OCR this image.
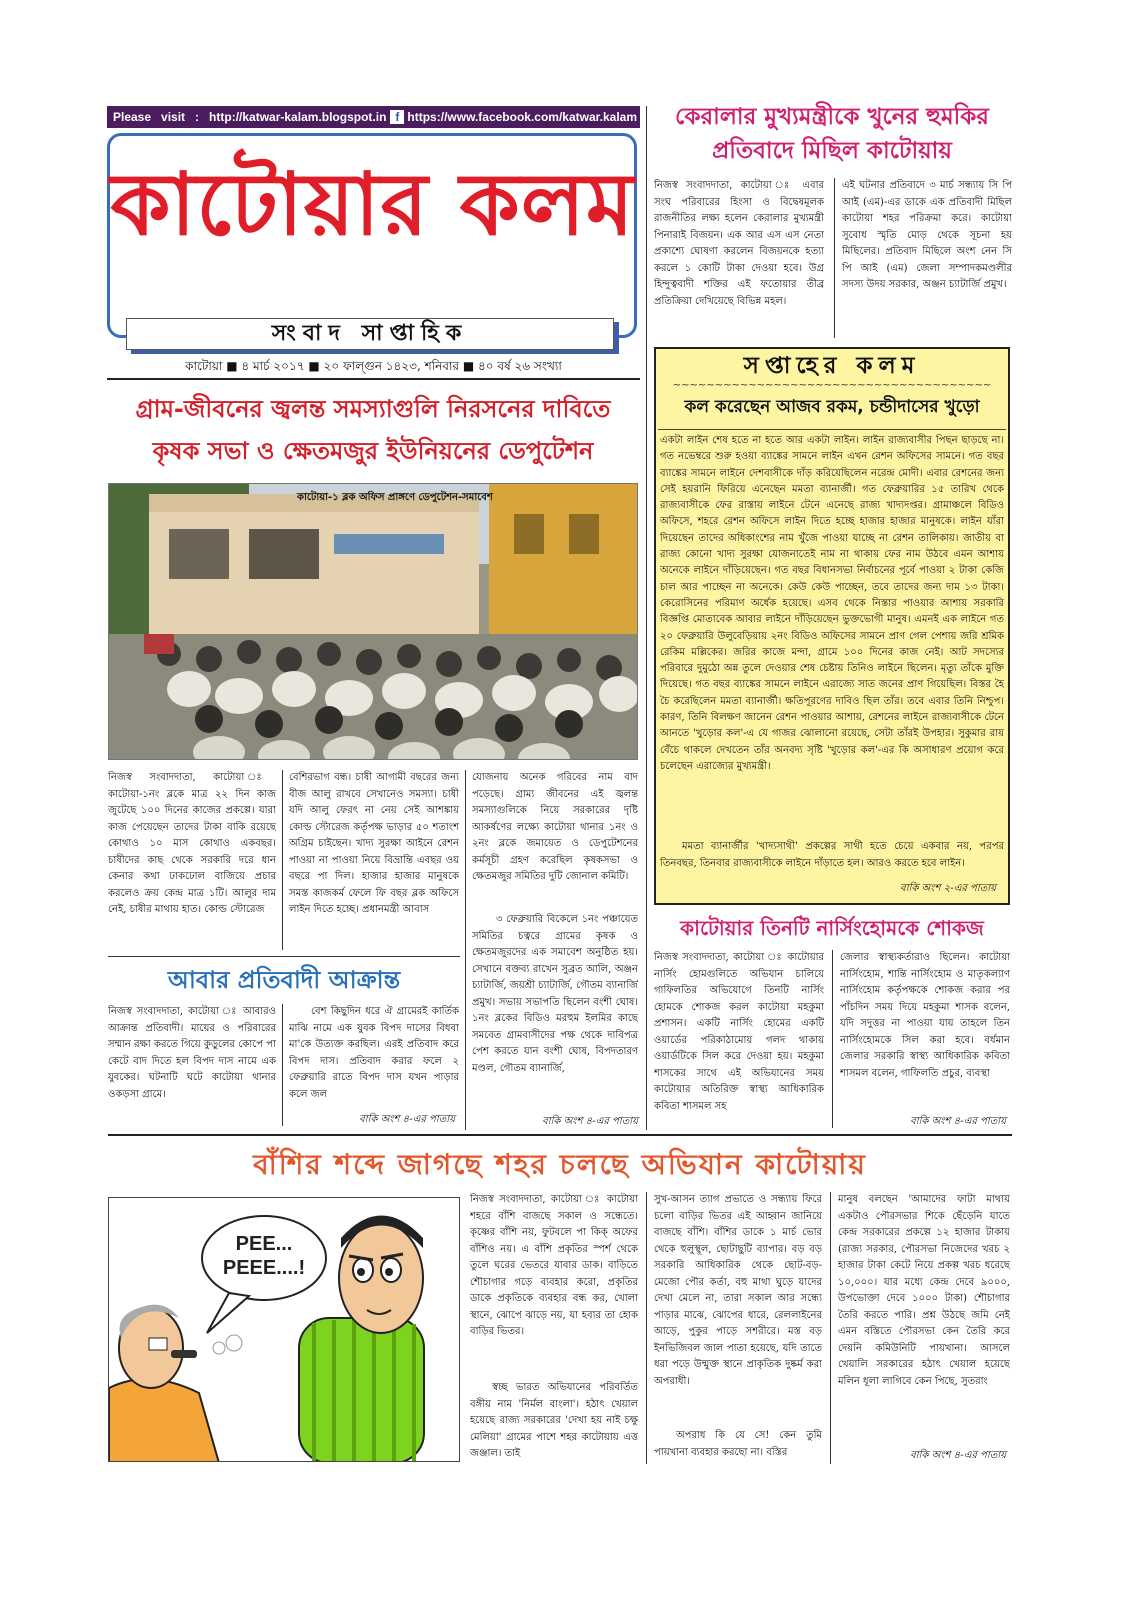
Please   visit   :   http://katwar-kalam.blogspot.in f https://www.facebook.com/katwar.kalam
কাটোয়ার কলম
সংবাদ সাপ্তাহিক
কাটোয়া ■ ৪ মার্চ ২০১৭ ■ ২০ ফাল্গুন ১৪২৩, শনিবার ■ ৪০ বর্ষ ২৬ সংখ্যা
কেরালার মুখ্যমন্ত্রীকে খুনের হুমকির
প্রতিবাদে মিছিল কাটোয়ায়
নিজস্ব সংবাদদাতা, কাটোয়া ঃ এবার সংঘ পরিবারের হিংসা ও বিদ্বেষমূলক রাজনীতির লক্ষ্য হলেন কেরালার মুখ্যমন্ত্রী পিনারাই বিজয়ন। এক আর এস এস নেতা প্রকাশ্যে ঘোষণা করলেন বিজয়নকে হত্যা করলে ১ কোটি টাকা দেওয়া হবে। উগ্র হিন্দুত্ববাদী শক্তির এই ফতোয়ার তীব্র প্রতিক্রিয়া দেখিয়েছে বিভিন্ন মহল।
এই ঘটনার প্রতিবাদে ৩ মার্চ সন্ধ্যায় সি পি আই (এম)-এর ডাকে এক প্রতিবাদী মিছিল কাটোয়া শহর পরিক্রমা করে। কাটোয়া সুবোধ স্মৃতি মোড় থেকে সূচনা হয় মিছিলের। প্রতিবাদ মিছিলে অংশ নেন সি পি আই (এম) জেলা সম্পাদকমণ্ডলীর সদস্য উদয় সরকার, অঞ্জন চ্যাটার্জি প্রমুখ।
সপ্তাহের কলম
~~~~~~~~~~~~~~~~~~~~~~~~~~~~~~~~~~~~~~
কল করেছেন আজব রকম, চন্ডীদাসের খুড়ো
একটা লাইন শেষ হতে না হতে আর একটা লাইন। লাইন রাজ্যবাসীর পিছন ছাড়ছে না। গত নভেম্বরে শুরু হওয়া ব্যাঙ্কের সামনে লাইন এখন রেশন অফিসের সামনে। গত বছর ব্যাঙ্কের সামনে লাইনে দেশবাসীকে দাঁড় করিয়েছিলেন নরেন্দ্র মোদী। এবার রেশনের জন্য সেই হয়রানি ফিরিয়ে এনেছেন মমতা ব্যানার্জী। গত ফেব্রুয়ারির ১৫ তারিখ থেকে রাজ্যবাসীকে ফের রাস্তায় লাইনে টেনে এনেছে রাজ্য খাদ্যদপ্তর। গ্রামাঞ্চলে বিডিও অফিসে, শহরে রেশন অফিসে লাইন দিতে হচ্ছে হাজার হাজার মানুষকে। লাইন যাঁরা দিয়েছেন তাদের অধিকাংশের নাম খুঁজে পাওয়া যাচ্ছে না রেশন তালিকায়। জাতীয় বা রাজ্য কোনো খাদ্য সুরক্ষা যোজনাতেই নাম না থাকায় ফের নাম উঠবে এমন আশায় অনেকে লাইনে দাঁড়িয়েছেন। গত বছর বিধানসভা নির্বাচনের পূর্বে পাওয়া ২ টাকা কেজি চাল আর পাচ্ছেন না অনেকে। কেউ কেউ পাচ্ছেন, তবে তাদের জন্য দাম ১৩ টাকা। কেরোসিনের পরিমাণ অর্ধেক হয়েছে। এসব থেকে নিস্তার পাওয়ার আশায় সরকারি বিজ্ঞপ্তি মোতাবেক আবার লাইনে দাঁড়িয়েছেন ভুক্তভোগী মানুষ। এমনই এক লাইনে গত ২০ ফেব্রুয়ারি উলুবেড়িয়ায় ২নং বিডিও অফিসের সামনে প্রাণ গেল পেশায় জরি শ্রমিক রেকিম মল্লিকের। জরির কাজে মন্দা, গ্রামে ১০০ দিনের কাজ নেই। আট সদস্যের পরিবারে দুমুঠো অন্ন তুলে দেওয়ার শেষ চেষ্টায় তিনিও লাইনে ছিলেন। মৃত্যু তাঁকে মুক্তি দিয়েছে। গত বছর ব্যাঙ্কের সামনে লাইনে এরাজ্যে সাত জনের প্রাণ গিয়েছিল। বিস্তর হৈ চৈ করেছিলেন মমতা ব্যানার্জী। ক্ষতিপূরণের দাবিও ছিল তাঁর। তবে এবার তিনি নিশ্চুপ। কারণ, তিনি বিলক্ষণ জানেন রেশন পাওয়ার আশায়, রেশনের লাইনে রাজ্যবাসীকে টেনে আনতে 'খুড়োর কল'-এ যে গাজর ঝোলানো রয়েছে, সেটা তাঁরই উপহার। সুকুমার রায় বেঁচে থাকলে দেখতেন তাঁর অনবদ্য সৃষ্টি 'খুড়োর কল'-এর কি অসাধারণ প্রয়োগ করে চলেছেন এরাজ্যের মুখ্যমন্ত্রী।
মমতা ব্যানার্জীর 'খাদ্যসাথী' প্রকল্পের সাথী হতে চেয়ে একবার নয়, পরপর তিনবছর, তিনবার রাজ্যবাসীকে লাইনে দাঁড়াতে হল। আরও করতে হবে লাইন।
বাকি অংশ ২-এর পাতায়
গ্রাম-জীবনের জ্বলন্ত সমস্যাগুলি নিরসনের দাবিতে
কৃষক সভা ও ক্ষেতমজুর ইউনিয়নের ডেপুটেশন
কাটোয়া-১ ব্লক অফিস প্রাঙ্গণে ডেপুটেশন-সমাবেশ
নিজস্ব সংবাদদাতা, কাটোয়া ঃ কাটোয়া-১নং ব্লকে মাত্র ২২ দিন কাজ জুটেছে ১০০ দিনের কাজের প্রকল্পে। যারা কাজ পেয়েছেন তাদের টাকা বাকি রয়েছে কোথাও ১০ মাস কোথাও একবছর। চাষীদের কাছ থেকে সরকারি দরে ধান কেনার কথা ঢাকঢোল বাজিয়ে প্রচার করলেও ক্রয় কেন্দ্র মাত্র ১টি। আলুর দাম নেই, চাষীর মাথায় হাত। কোল্ড স্টোরেজ
বেশিরভাগ বন্ধ। চাষী আগামী বছরের জন্য বীজ আলু রাখবে সেখানেও সমস্যা। চাষী যদি আলু ফেরৎ না নেয় সেই আশঙ্কায় কোল্ড স্টোরেজ কর্তৃপক্ষ ভাড়ার ৫০ শতাংশ অগ্রিম চাইছেন। খাদ্য সুরক্ষা আইনে রেশন পাওয়া না পাওয়া নিয়ে বিভ্রান্তি এবছর ওয় বছরে পা দিল। হাজার হাজার মানুষকে সমস্ত কাজকর্ম ফেলে ফি বছর ব্লক অফিসে লাইন দিতে হচ্ছে। প্রধানমন্ত্রী আবাস
যোজনায় অনেক গরিবের নাম বাদ পড়েছে। গ্রাম্য জীবনের এই জ্বলন্ত সমস্যাগুলিকে নিয়ে সরকারের দৃষ্টি আকর্ষণের লক্ষ্যে কাটোয়া থানার ১নং ও ২নং ব্লকে জমায়েত ও ডেপুটেশনের কর্মসূচী গ্রহণ করেছিল কৃষকসভা ও ক্ষেতমজুর সমিতির দুটি জোনাল কমিটি।
৩ ফেব্রুয়ারি বিকেলে ১নং পঞ্চায়েত সমিতির চত্বরে গ্রামের কৃষক ও ক্ষেতমজুরদের এক সমাবেশ অনুষ্ঠিত হয়। সেখানে বক্তব্য রাখেন সুব্রত আলি, অঞ্জন চ্যাটার্জি, জয়শ্রী চ্যাটার্জি, গৌতম ব্যানার্জি প্রমুখ। সভায় সভাপতি ছিলেন বংশী ঘোষ। ১নং ব্লকের বিডিও মরহুম ইলমির কাছে সমবেত গ্রামবাসীদের পক্ষ থেকে দাবিপত্র পেশ করতে যান বংশী ঘোষ, বিপদতারণ মণ্ডল, গৌতম ব্যানার্জি,
বাকি অংশ ৪-এর পাতায়
আবার প্রতিবাদী আক্রান্ত
নিজস্ব সংবাদদাতা, কাটোয়া ঃ আবারও আক্রান্ত প্রতিবাদী। মায়ের ও পরিবারের সম্মান রক্ষা করতে গিয়ে কুড়ুলের কোপে পা কেটে বাদ দিতে হল বিপদ দাস নামে এক যুবকের। ঘটনাটি ঘটে কাটোয়া থানার ওকড়সা গ্রামে।
বেশ কিছুদিন ধরে ঐ গ্রামেরই কার্তিক মাঝি নামে এক যুবক বিপদ দাসের বিধবা মা'কে উত্যক্ত করছিল। এরই প্রতিবাদ করে বিপদ দাস। প্রতিবাদ করার ফলে ২ ফেব্রুয়ারি রাতে বিপদ দাস যখন পাড়ার কলে জল
বাকি অংশ ৪-এর পাতায়
কাটোয়ার তিনটি নার্সিংহোমকে শোকজ
নিজস্ব সংবাদদাতা, কাটোয়া ঃ কাটোয়ার নার্সিং হোমগুলিতে অভিযান চালিয়ে গাফিলতির অভিযোগে তিনটি নার্সিং হোমকে শোকজ করল কাটোয়া মহকুমা প্রশাসন। একটি নার্সিং হোমের একটি ওয়ার্ডের পরিকাঠামোয় গলদ থাকায় ওয়ার্ডটিকে সিল করে দেওয়া হয়। মহকুমা শাসকের সাথে এই অভিযানের সময় কাটোয়ার অতিরিক্ত স্বাস্থ্য আধিকারিক কবিতা শাসমল সহ
জেলার স্বাস্থ্যকর্তারাও ছিলেন। কাটোয়া নার্সিংহোম, শান্তি নার্সিংহোম ও মাতৃকল্যাণ নার্সিংহোম কর্তৃপক্ষকে শোকজ করার পর পাঁচদিন সময় দিয়ে মহকুমা শাসক বলেন, যদি সদুত্তর না পাওয়া যায় তাহলে তিন নার্সিংহোমকে সিল করা হবে। বর্ধমান জেলার সরকারি স্বাস্থ্য আধিকারিক কবিতা শাসমল বলেন, গাফিলতি প্রচুর, ব্যবস্থা
বাকি অংশ ৪-এর পাতায়
বাঁশির শব্দে জাগছে শহর চলছে অভিযান কাটোয়ায়
PEE...
PEEE....!
নিজস্ব সংবাদদাতা, কাটোয়া ঃ কাটোয়া শহরে বাঁশি বাজছে সকাল ও সন্ধেতে। কৃষ্ণের বাঁশি নয়, ফুটবলে পা কিক্ অফের বাঁশিও নয়। এ বাঁশি প্রকৃতির স্পর্শ থেকে তুলে ঘরের ভেতরে যাবার ডাক। বাড়িতে শৌচাগার গড়ে ব্যবহার করো, প্রকৃতির ডাকে প্রকৃতিকে ব্যবহার বন্ধ কর, খোলা স্থানে, ঝোপে ঝাড়ে নয়, যা হবার তা হোক বাড়ির ভিতর।
স্বচ্ছ ভারত অভিযানের পরিবর্তিত বঙ্গীয় নাম 'নির্মল বাংলা'। হঠাৎ খেয়াল হয়েছে রাজ্য সরকারের 'দেখা হয় নাই চক্ষু মেলিয়া' গ্রামের পাশে শহর কাটোয়ায় এত্ত জঞ্জাল। তাই
সুখ-আসন ত্যাগ প্রভাতে ও সন্ধ্যায় ফিরে চলো বাড়ির ভিতর এই আহ্বান জানিয়ে বাজছে বাঁশি। বাঁশির ডাকে ১ মার্চ ভোর থেকে হুলুস্থূল, ছোটাছুটি ব্যাপার। বড় বড় সরকারি আধিকারিক থেকে ছোট-বড়- মেজো পৌর কর্তা, বহু মাথা ঘুড়ে যাদের দেখা মেলে না, তারা সকাল আর সন্ধ্যে পাড়ার মাঝে, ঝোপের ধারে, রেললাইনের আড়ে, পুকুর পাড়ে সশরীরে। মস্ত বড় ইনভিজিবল জাল পাতা হয়েছে, যদি তাতে ধরা পড়ে উন্মুক্ত স্থানে প্রাকৃতিক দুষ্কর্ম করা অপরাধী।
অপরাধ কি যে সে! কেন তুমি পায়খানা ব্যবহার করছো না। বস্তির
মানুষ বলছেন 'আমাদের ফাটা মাথায় একটাও পৌরসভার শিকে ছেঁড়েনি যাতে কেন্দ্র সরকারের প্রকল্পে ১২ হাজার টাকায় (রাজ্য সরকার, পৌরসভা নিজেদের খরচ ২ হাজার টাকা কেটে নিয়ে প্রকল্প খরচ ধরেছে ১০,০০০। যার মধ্যে কেন্দ্র দেবে ৯০০০, উপভোক্তা দেবে ১০০০ টাকা) শৌচাগার তৈরি করতে পারি। প্রশ্ন উঠছে জমি নেই এমন বস্তিতে পৌরসভা কেন তৈরি করে দেয়নি কমিউনিটি পায়খানা। আসলে খেয়ালি সরকারের হঠাৎ খেয়াল হয়েছে মলিন ধূলা লাগিবে কেন পিছে, সুতরাং
বাকি অংশ ৪-এর পাতায়
